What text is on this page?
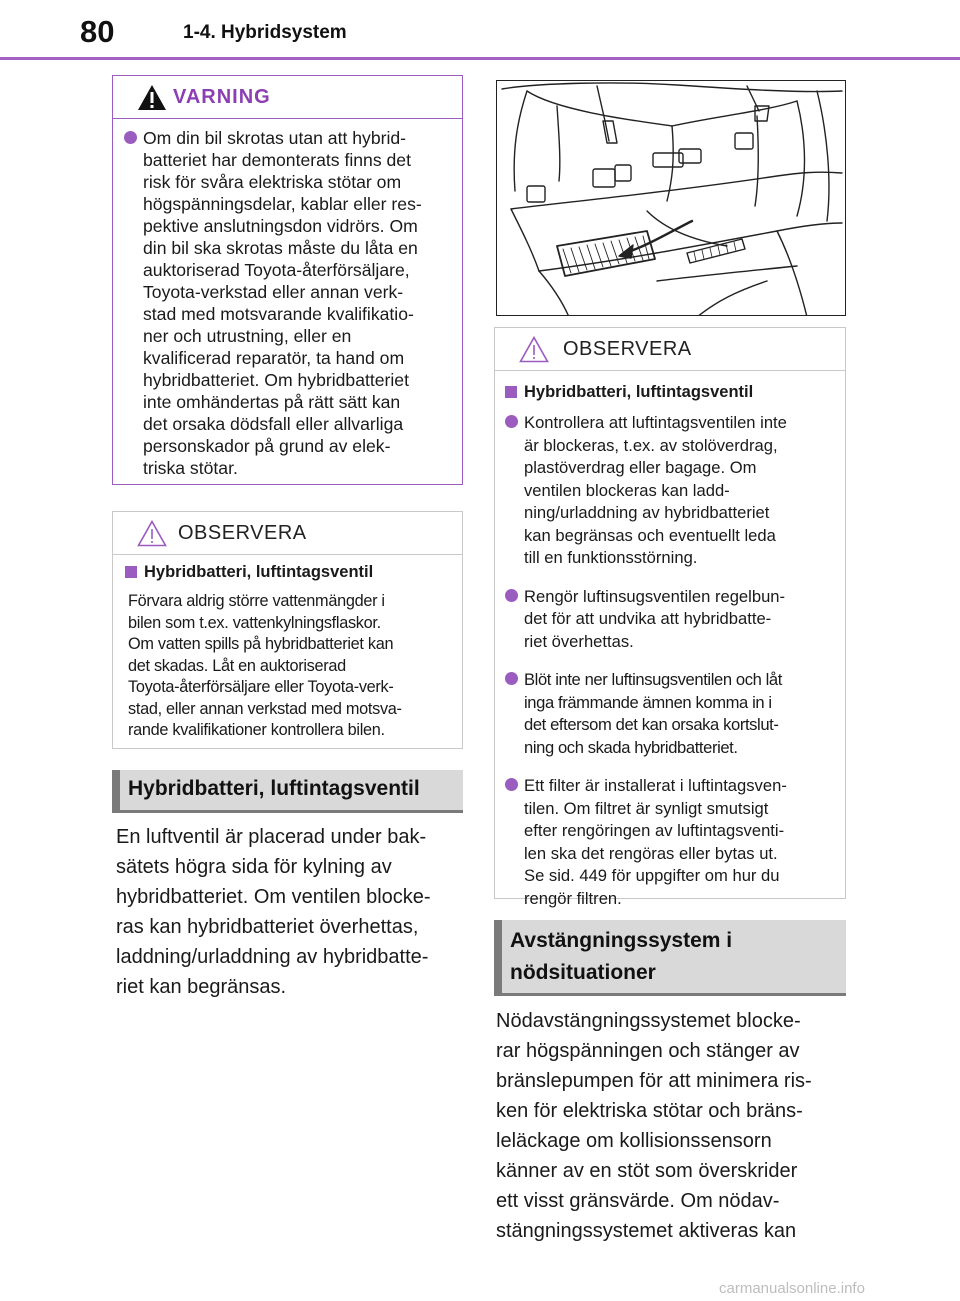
80	1-4. Hybridsystem
VARNING
Om din bil skrotas utan att hybrid-
batteriet har demonterats finns det
risk för svåra elektriska stötar om
högspänningsdelar, kablar eller res-
pektive anslutningsdon vidrörs. Om
din bil ska skrotas måste du låta en
auktoriserad Toyota-återförsäljare,
Toyota-verkstad eller annan verk-
stad med motsvarande kvalifikatio-
ner och utrustning, eller en
kvalificerad reparatör, ta hand om
hybridbatteriet. Om hybridbatteriet
inte omhändertas på rätt sätt kan
det orsaka dödsfall eller allvarliga
personskador på grund av elek-
triska stötar.
OBSERVERA
Hybridbatteri, luftintagsventil
Förvara aldrig större vattenmängder i
bilen som t.ex. vattenkylningsflaskor.
Om vatten spills på hybridbatteriet kan
det skadas. Låt en auktoriserad
Toyota-återförsäljare eller Toyota-verk-
stad, eller annan verkstad med motsva-
rande kvalifikationer kontrollera bilen.
Hybridbatteri, luftintagsventil
En luftventil är placerad under bak-
sätets högra sida för kylning av
hybridbatteriet. Om ventilen blocke-
ras kan hybridbatteriet överhettas,
laddning/urladdning av hybridbatte-
riet kan begränsas.
OBSERVERA
Hybridbatteri, luftintagsventil
Kontrollera att luftintagsventilen inte
är blockeras, t.ex. av stolöverdrag,
plastöverdrag eller bagage. Om
ventilen blockeras kan ladd-
ning/urladdning av hybridbatteriet
kan begränsas och eventuellt leda
till en funktionsstörning.
Rengör luftinsugsventilen regelbun-
det för att undvika att hybridbatte-
riet överhettas.
Blöt inte ner luftinsugsventilen och låt
inga främmande ämnen komma in i
det eftersom det kan orsaka kortslut-
ning och skada hybridbatteriet.
Ett filter är installerat i luftintagsven-
tilen. Om filtret är synligt smutsigt
efter rengöringen av luftintagsventi-
len ska det rengöras eller bytas ut.
Se sid. 449 för uppgifter om hur du
rengör filtren.
Avstängningssystem i
nödsituationer
Nödavstängningssystemet blocke-
rar högspänningen och stänger av
bränslepumpen för att minimera ris-
ken för elektriska stötar och bräns-
leläckage om kollisionssensorn
känner av en stöt som överskrider
ett visst gränsvärde. Om nödav-
stängningssystemet aktiveras kan
carmanualsonline.info
